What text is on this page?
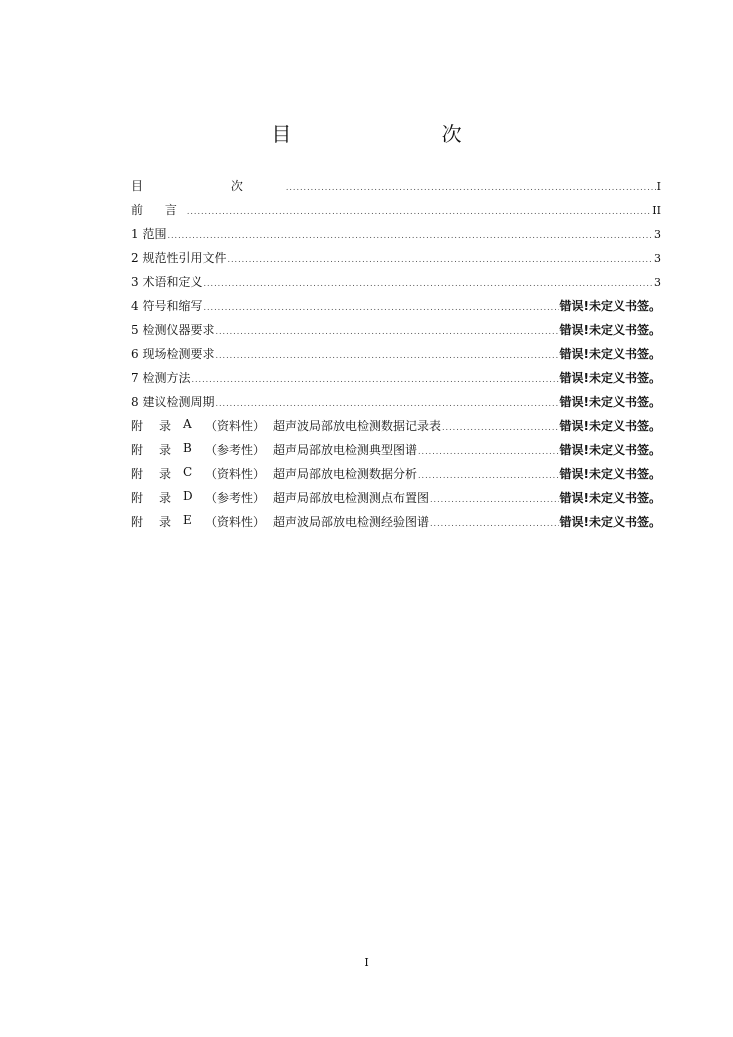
目 次
目 次 .....	I
前 言 .....	II
1 范围 .....	3
2 规范性引用文件 .....	3
3 术语和定义 .....	3
4 符号和缩写 .....	错误!未定义书签。
5 检测仪器要求 .....	错误!未定义书签。
6 现场检测要求 .....	错误!未定义书签。
7 检测方法 .....	错误!未定义书签。
8 建议检测周期 .....	错误!未定义书签。
附	录 A	（资料性） 超声波局部放电检测数据记录表 .....	错误!未定义书签。
附	录 B	（参考性） 超声局部放电检测典型图谱 .....	错误!未定义书签。
附	录 C	（资料性） 超声局部放电检测数据分析 .....	错误!未定义书签。
附	录 D	（参考性） 超声局部放电检测测点布置图 .....	错误!未定义书签。
附	录 E	（资料性） 超声波局部放电检测经验图谱 .....	错误!未定义书签。
I
